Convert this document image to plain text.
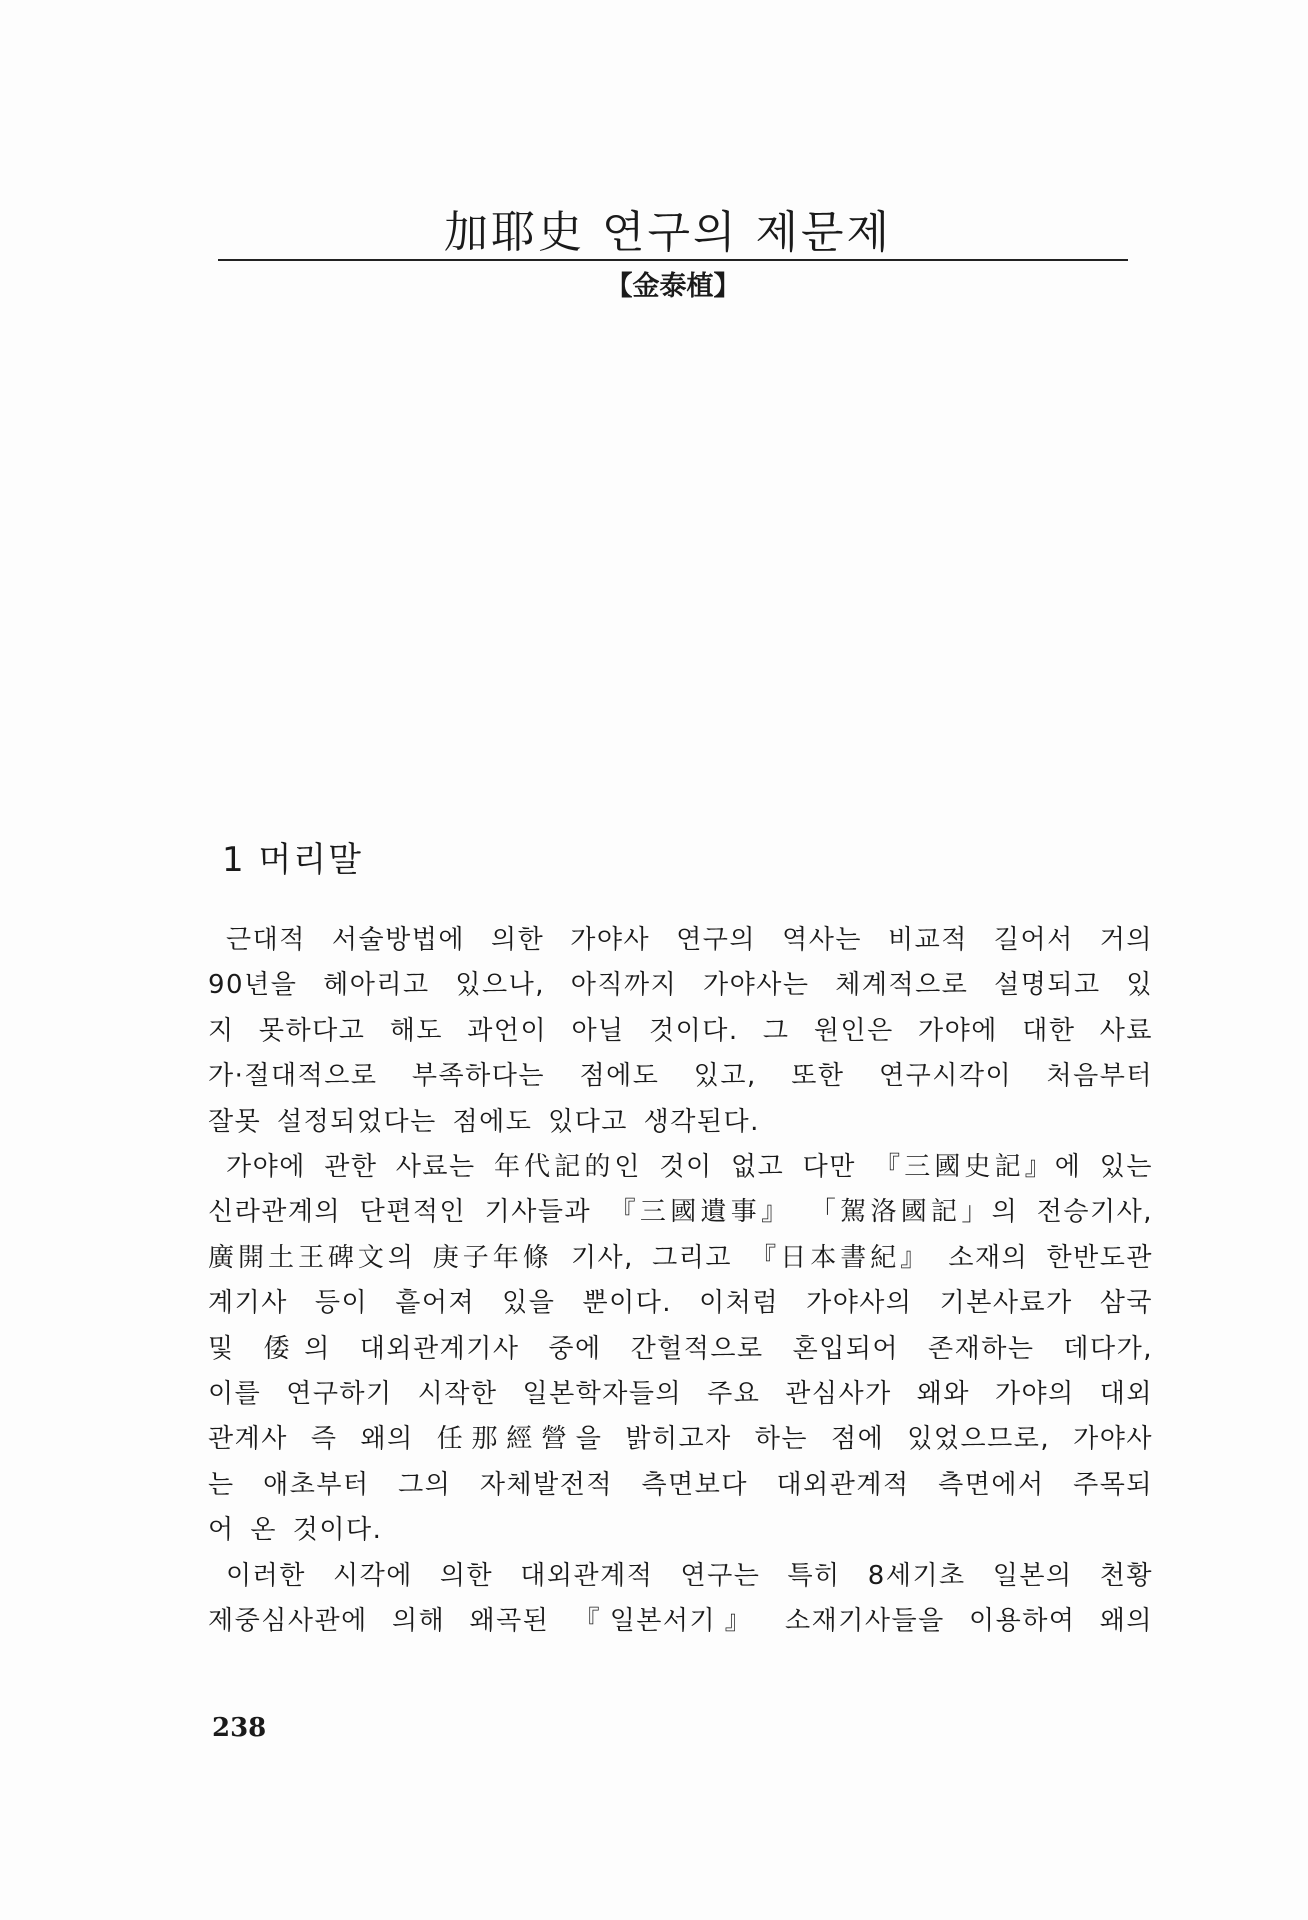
加耶史 연구의 제문제
【金泰植】
1 머리말

근대적 서술방법에 의한 가야사 연구의 역사는 비교적 길어서 거의
90년을 헤아리고 있으나, 아직까지 가야사는 체계적으로 설명되고 있
지 못하다고 해도 과언이 아닐 것이다. 그 원인은 가야에 대한 사료
가·절대적으로 부족하다는 점에도 있고, 또한 연구시각이 처음부터
잘못 설정되었다는 점에도 있다고 생각된다.

가야에 관한 사료는 年代記的인 것이 없고 다만 『三國史記』에 있는
신라관계의 단편적인 기사들과 『三國遺事』 「駕洛國記」의 전승기사,
廣開土王碑文의 庚子年條 기사, 그리고 『日本書紀』 소재의 한반도관
계기사 등이 흩어져 있을 뿐이다. 이처럼 가야사의 기본사료가 삼국
및 倭의 대외관계기사 중에 간헐적으로 혼입되어 존재하는 데다가,
이를 연구하기 시작한 일본학자들의 주요 관심사가 왜와 가야의 대외
관계사 즉 왜의 任那經營을 밝히고자 하는 점에 있었으므로, 가야사
는 애초부터 그의 자체발전적 측면보다 대외관계적 측면에서 주목되
어 온 것이다.

이러한 시각에 의한 대외관계적 연구는 특히 8세기초 일본의 천황
제중심사관에 의해 왜곡된 『일본서기』 소재기사들을 이용하여 왜의

238
